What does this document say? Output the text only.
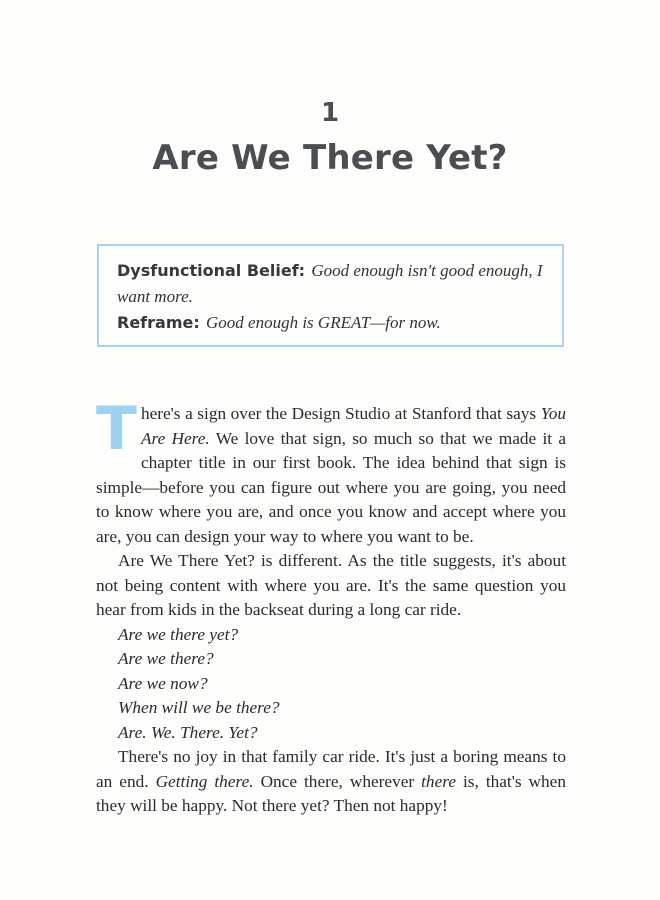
1
Are We There Yet?
Dysfunctional Belief: Good enough isn't good enough, I want more.
Reframe: Good enough is GREAT—for now.

There's a sign over the Design Studio at Stanford that says You Are Here. We love that sign, so much so that we made it a chapter title in our first book. The idea behind that sign is simple—before you can figure out where you are going, you need to know where you are, and once you know and accept where you are, you can design your way to where you want to be.

Are We There Yet? is different. As the title suggests, it's about not being content with where you are. It's the same question you hear from kids in the backseat during a long car ride.

Are we there yet?

Are we there?

Are we now?

When will we be there?

Are. We. There. Yet?

There's no joy in that family car ride. It's just a boring means to an end. Getting there. Once there, wherever there is, that's when they will be happy. Not there yet? Then not happy!
